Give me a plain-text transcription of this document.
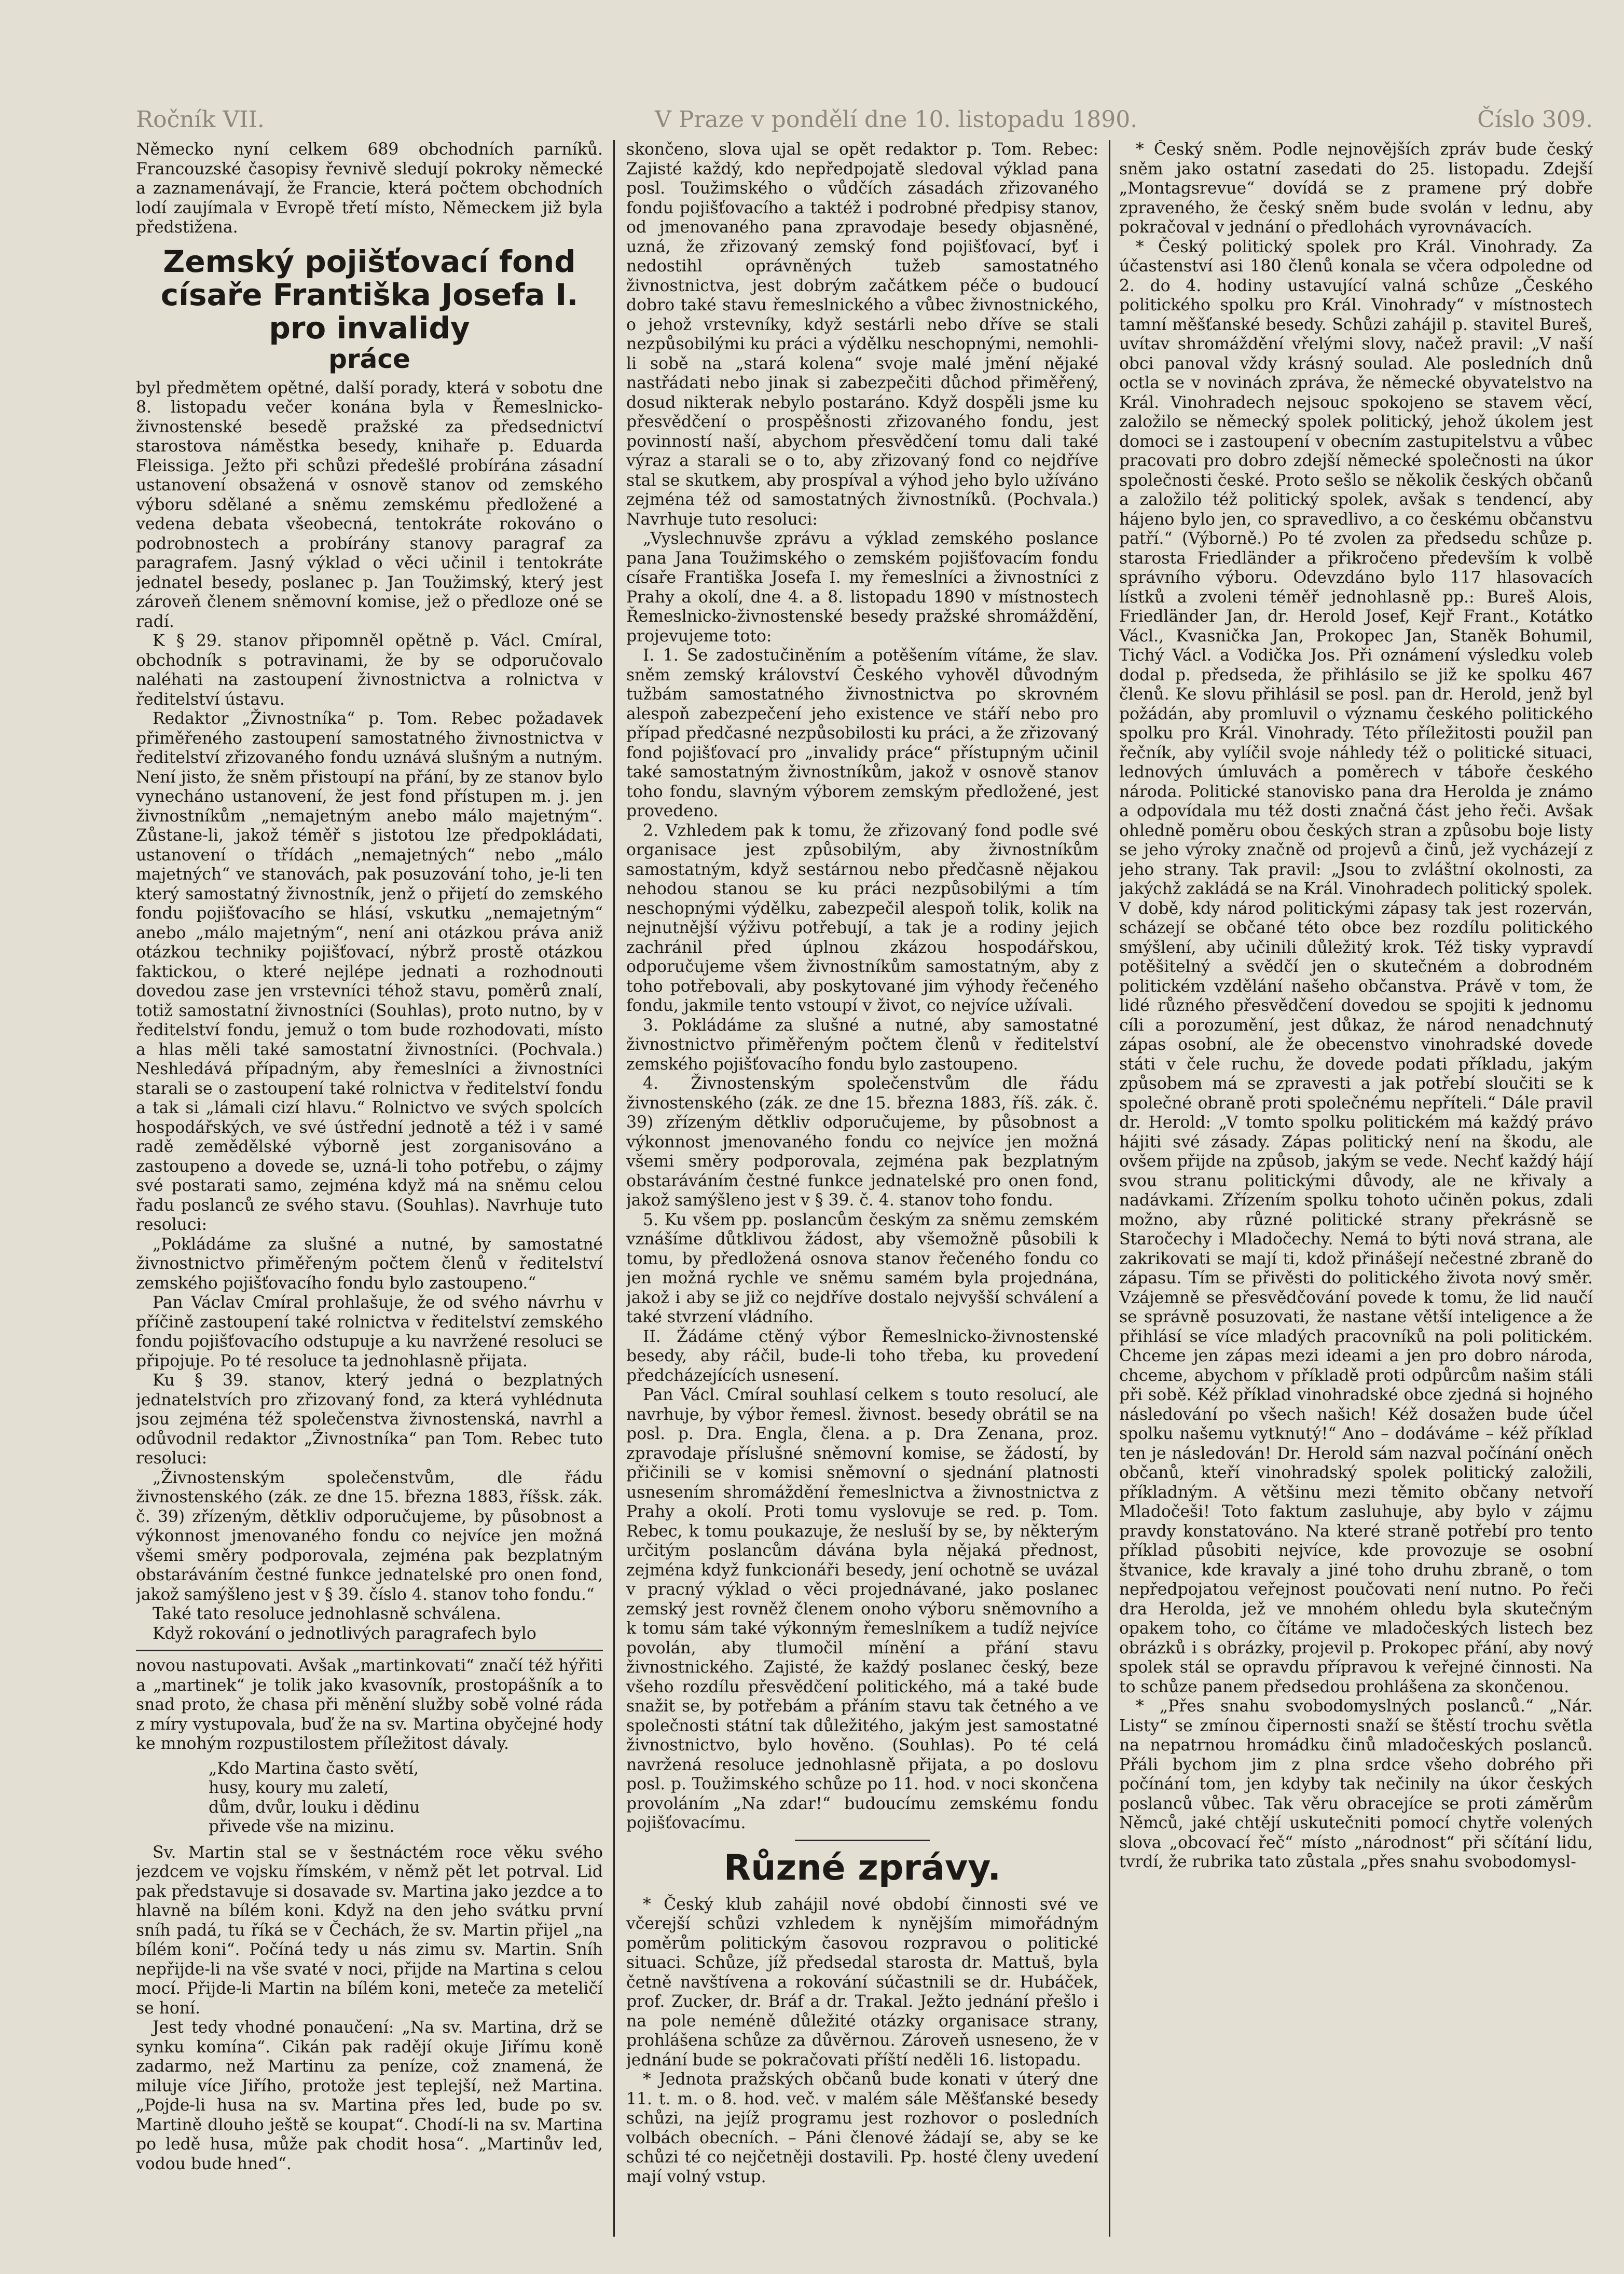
Ročník VII.	V Praze v pondělí dne 10. listopadu 1890.	Číslo 309.

Německo nyní celkem 689 obchodních parníků. Francouzské časopisy řevnivě sledují pokroky německé a zaznamenávají, že Francie, která počtem obchodních lodí zaujímala v Evropě třetí místo, Německem již byla předstižena.

Zemský pojišťovací fond císaře Františka Josefa I. pro invalidy
práce

byl předmětem opětné, další porady, která v sobotu dne 8. listopadu večer konána byla v Řemeslnicko-živnostenské besedě pražské za předsednictví starostova náměstka besedy, knihaře p. Eduarda Fleissiga. Ježto při schůzi předešlé probírána zásadní ustanovení obsažená v osnově stanov od zemského výboru sdělané a sněmu zemskému předložené a vedena debata všeobecná, tentokráte rokováno o podrobnostech a probírány stanovy paragraf za paragrafem. Jasný výklad o věci učinil i tentokráte jednatel besedy, poslanec p. Jan Toužimský, který jest zároveň členem sněmovní komise, jež o předloze oné se radí.

K § 29. stanov připomněl opětně p. Václ. Cmíral, obchodník s potravinami, že by se odporučovalo naléhati na zastoupení živnostnictva a rolnictva v ředitelství ústavu.

Redaktor „Živnostníka“ p. Tom. Rebec požadavek přiměřeného zastoupení samostatného živnostnictva v ředitelství zřizovaného fondu uznává slušným a nutným. Není jisto, že sněm přistoupí na přání, by ze stanov bylo vynecháno ustanovení, že jest fond přístupen m. j. jen živnostníkům „nemajetným anebo málo majetným“. Zůstane-li, jakož téměř s jistotou lze předpokládati, ustanovení o třídách „nemajetných“ nebo „málo majetných“ ve stanovách, pak posuzování toho, je-li ten který samostatný živnostník, jenž o přijetí do zemského fondu pojišťovacího se hlásí, vskutku „nemajetným“ anebo „málo majetným“, není ani otázkou práva aniž otázkou techniky pojišťovací, nýbrž prostě otázkou faktickou, o které nejlépe jednati a rozhodnouti dovedou zase jen vrstevníci téhož stavu, poměrů znalí, totiž samostatní živnostníci (Souhlas), proto nutno, by v ředitelství fondu, jemuž o tom bude rozhodovati, místo a hlas měli také samostatní živnostníci. (Pochvala.) Neshledává případným, aby řemeslníci a živnostníci starali se o zastoupení také rolnictva v ředitelství fondu a tak si „lámali cizí hlavu.“ Rolnictvo ve svých spolcích hospodářských, ve své ústřední jednotě a též i v samé radě zemědělské výborně jest zorganisováno a zastoupeno a dovede se, uzná-li toho potřebu, o zájmy své postarati samo, zejména když má na sněmu celou řadu poslanců ze svého stavu. (Souhlas). Navrhuje tuto resoluci:

„Pokládáme za slušné a nutné, by samostatné živnostnictvo přiměřeným počtem členů v ředitelství zemského pojišťovacího fondu bylo zastoupeno.“

Pan Václav Cmíral prohlašuje, že od svého návrhu v příčině zastoupení také rolnictva v ředitelství zemského fondu pojišťovacího odstupuje a ku navržené resoluci se připojuje. Po té resoluce ta jednohlasně přijata.

Ku § 39. stanov, který jedná o bezplatných jednatelstvích pro zřizovaný fond, za která vyhlédnuta jsou zejména též společenstva živnostenská, navrhl a odůvodnil redaktor „Živnostníka“ pan Tom. Rebec tuto resoluci:

„Živnostenským společenstvům, dle řádu živnostenského (zák. ze dne 15. března 1883, říšsk. zák. č. 39) zřízeným, dětkliv odporučujeme, by působnost a výkonnost jmenovaného fondu co nejvíce jen možná všemi směry podporovala, zejména pak bezplatným obstaráváním čestné funkce jednatelské pro onen fond, jakož samýšleno jest v § 39. číslo 4. stanov toho fondu.“

Také tato resoluce jednohlasně schválena.

Když rokování o jednotlivých paragrafech bylo

novou nastupovati. Avšak „martinkovati“ značí též hýřiti a „martinek“ je tolik jako kvasovník, prostopášník a to snad proto, že chasa při měnění služby sobě volné ráda z míry vystupovala, buď že na sv. Martina obyčejné hody ke mnohým rozpustilostem příležitost dávaly.

„Kdo Martina často světí,
husy, koury mu zaletí,
dům, dvůr, louku i dědinu
přivede vše na mizinu.

Sv. Martin stal se v šestnáctém roce věku svého jezdcem ve vojsku římském, v němž pět let potrval. Lid pak představuje si dosavade sv. Martina jako jezdce a to hlavně na bílém koni. Když na den jeho svátku první sníh padá, tu říká se v Čechách, že sv. Martin přijel „na bílém koni“. Počíná tedy u nás zimu sv. Martin. Sníh nepřijde-li na vše svaté v noci, přijde na Martina s celou mocí. Přijde-li Martin na bílém koni, meteče za meteličí se honí.

Jest tedy vhodné ponaučení: „Na sv. Martina, drž se synku komína“. Cikán pak radějí okuje Jiřímu koně zadarmo, než Martinu za peníze, což znamená, že miluje více Jiřího, protože jest teplejší, než Martina. „Pojde-li husa na sv. Martina přes led, bude po sv. Martině dlouho ještě se koupat“. Chodí-li na sv. Martina po ledě husa, může pak chodit hosa“. „Martinův led, vodou bude hned“.

skončeno, slova ujal se opět redaktor p. Tom. Rebec: Zajisté každý, kdo nepředpojatě sledoval výklad pana posl. Toužimského o vůdčích zásadách zřizovaného fondu pojišťovacího a taktéž i podrobné předpisy stanov, od jmenovaného pana zpravodaje besedy objasněné, uzná, že zřizovaný zemský fond pojišťovací, byť i nedostihl oprávněných tužeb samostatného živnostnictva, jest dobrým začátkem péče o budoucí dobro také stavu řemeslnického a vůbec živnostnického, o jehož vrstevníky, když sestárli nebo dříve se stali nezpůsobilými ku práci a výdělku neschopnými, nemohli-li sobě na „stará kolena“ svoje malé jmění nějaké nastřádati nebo jinak si zabezpečiti důchod přiměřený, dosud nikterak nebylo postaráno. Když dospěli jsme ku přesvědčení o prospěšnosti zřizovaného fondu, jest povinností naší, abychom přesvědčení tomu dali také výraz a starali se o to, aby zřizovaný fond co nejdříve stal se skutkem, aby prospíval a výhod jeho bylo užíváno zejména též od samostatných živnostníků. (Pochvala.) Navrhuje tuto resoluci:

„Vyslechnuvše zprávu a výklad zemského poslance pana Jana Toužimského o zemském pojišťovacím fondu císaře Františka Josefa I. my řemeslníci a živnostníci z Prahy a okolí, dne 4. a 8. listopadu 1890 v místnostech Řemeslnicko-živnostenské besedy pražské shromáždění, projevujeme toto:

I. 1. Se zadostučiněním a potěšením vítáme, že slav. sněm zemský království Českého vyhověl důvodným tužbám samostatného živnostnictva po skrovném alespoň zabezpečení jeho existence ve stáří nebo pro případ předčasné nezpůsobilosti ku práci, a že zřizovaný fond pojišťovací pro „invalidy práce“ přístupným učinil také samostatným živnostníkům, jakož v osnově stanov toho fondu, slavným výborem zemským předložené, jest provedeno.

2. Vzhledem pak k tomu, že zřizovaný fond podle své organisace jest způsobilým, aby živnostníkům samostatným, když sestárnou nebo předčasně nějakou nehodou stanou se ku práci nezpůsobilými a tím neschopnými výdělku, zabezpečil alespoň tolik, kolik na nejnutnější výživu potřebují, a tak je a rodiny jejich zachránil před úplnou zkázou hospodářskou, odporučujeme všem živnostníkům samostatným, aby z toho potřebovali, aby poskytované jim výhody řečeného fondu, jakmile tento vstoupí v život, co nejvíce užívali.

3. Pokládáme za slušné a nutné, aby samostatné živnostnictvo přiměřeným počtem členů v ředitelství zemského pojišťovacího fondu bylo zastoupeno.

4. Živnostenským společenstvům dle řádu živnostenského (zák. ze dne 15. března 1883, říš. zák. č. 39) zřízeným dětkliv odporučujeme, by působnost a výkonnost jmenovaného fondu co nejvíce jen možná všemi směry podporovala, zejména pak bezplatným obstaráváním čestné funkce jednatelské pro onen fond, jakož samýšleno jest v § 39. č. 4. stanov toho fondu.

5. Ku všem pp. poslancům českým za sněmu zemském vznášíme důtklivou žádost, aby všemožně působili k tomu, by předložená osnova stanov řečeného fondu co jen možná rychle ve sněmu samém byla projednána, jakož i aby se již co nejdříve dostalo nejvyšší schválení a také stvrzení vládního.

II. Žádáme ctěný výbor Řemeslnicko-živnostenské besedy, aby ráčil, bude-li toho třeba, ku provedení předcházejících usnesení.

Pan Václ. Cmíral souhlasí celkem s touto resolucí, ale navrhuje, by výbor řemesl. živnost. besedy obrátil se na posl. p. Dra. Engla, člena. a p. Dra Zenana, proz. zpravodaje příslušné sněmovní komise, se žádostí, by přičinili se v komisi sněmovní o sjednání platnosti usnesením shromáždění řemeslnictva a živnostnictva z Prahy a okolí. Proti tomu vyslovuje se red. p. Tom. Rebec, k tomu poukazuje, že nesluší by se, by některým určitým poslancům dávána byla nějaká přednost, zejména když funkcionáři besedy, jení ochotně se uvázal v pracný výklad o věci projednávané, jako poslanec zemský jest rovněž členem onoho výboru sněmovního a k tomu sám také výkonným řemeslníkem a tudíž nejvíce povolán, aby tlumočil mínění a přání stavu živnostnického. Zajisté, že každý poslanec český, beze všeho rozdílu přesvědčení politického, má a také bude snažit se, by potřebám a přáním stavu tak četného a ve společnosti státní tak důležitého, jakým jest samostatné živnostnictvo, bylo hověno. (Souhlas). Po té celá navržená resoluce jednohlasně přijata, a po doslovu posl. p. Toužimského schůze po 11. hod. v noci skončena provoláním „Na zdar!“ budoucímu zemskému fondu pojišťovacímu.

Různé zprávy.

* Český klub zahájil nové období činnosti své ve včerejší schůzi vzhledem k nynějším mimořádným poměrům politickým časovou rozpravou o politické situaci. Schůze, jíž předsedal starosta dr. Mattuš, byla četně navštívena a rokování súčastnili se dr. Hubáček, prof. Zucker, dr. Bráf a dr. Trakal. Ježto jednání přešlo i na pole neméně důležité otázky organisace strany, prohlášena schůze za důvěrnou. Zároveň usneseno, že v jednání bude se pokračovati příští neděli 16. listopadu.

* Jednota pražských občanů bude konati v úterý dne 11. t. m. o 8. hod. več. v malém sále Měšťanské besedy schůzi, na jejíž programu jest rozhovor o posledních volbách obecních. – Páni členové žádají se, aby se ke schůzi té co nejčetněji dostavili. Pp. hosté členy uvedení mají volný vstup.

* Český sněm. Podle nejnovějších zpráv bude český sněm jako ostatní zasedati do 25. listopadu. Zdejší „Montagsrevue“ dovídá se z pramene prý dobře zpraveného, že český sněm bude svolán v lednu, aby pokračoval v jednání o předlohách vyrovnávacích.

* Český politický spolek pro Král. Vinohrady. Za účastenství asi 180 členů konala se včera odpoledne od 2. do 4. hodiny ustavující valná schůze „Českého politického spolku pro Král. Vinohrady“ v místnostech tamní měšťanské besedy. Schůzi zahájil p. stavitel Bureš, uvítav shromáždění vřelými slovy, načež pravil: „V naší obci panoval vždy krásný soulad. Ale posledních dnů octla se v novinách zpráva, že německé obyvatelstvo na Král. Vinohradech nejsouc spokojeno se stavem věcí, založilo se německý spolek politický, jehož úkolem jest domoci se i zastoupení v obecním zastupitelstvu a vůbec pracovati pro dobro zdejší německé společnosti na úkor společnosti české. Proto sešlo se několik českých občanů a založilo též politický spolek, avšak s tendencí, aby hájeno bylo jen, co spravedlivo, a co českému občanstvu patří.“ (Výborně.) Po té zvolen za předsedu schůze p. starosta Friedländer a přikročeno především k volbě správního výboru. Odevzdáno bylo 117 hlasovacích lístků a zvoleni téměř jednohlasně pp.: Bureš Alois, Friedländer Jan, dr. Herold Josef, Kejř Frant., Kotátko Václ., Kvasnička Jan, Prokopec Jan, Staněk Bohumil, Tichý Václ. a Vodička Jos. Při oznámení výsledku voleb dodal p. předseda, že přihlásilo se již ke spolku 467 členů. Ke slovu přihlásil se posl. pan dr. Herold, jenž byl požádán, aby promluvil o významu českého politického spolku pro Král. Vinohrady. Této příležitosti použil pan řečník, aby vylíčil svoje náhledy též o politické situaci, lednových úmluvách a poměrech v táboře českého národa. Politické stanovisko pana dra Herolda je známo a odpovídala mu též dosti značná část jeho řeči. Avšak ohledně poměru obou českých stran a způsobu boje listy se jeho výroky značně od projevů a činů, jež vycházejí z jeho strany. Tak pravil: „Jsou to zvláštní okolnosti, za jakýchž zakládá se na Král. Vinohradech politický spolek. V době, kdy národ politickými zápasy tak jest rozerván, scházejí se občané této obce bez rozdílu politického smýšlení, aby učinili důležitý krok. Též tisky vypravdí potěšitelný a svědčí jen o skutečném a dobrodném politickém vzdělání našeho občanstva. Právě v tom, že lidé různého přesvědčení dovedou se spojiti k jednomu cíli a porozumění, jest důkaz, že národ nenadchnutý zápas osobní, ale že obecenstvo vinohradské dovede státi v čele ruchu, že dovede podati příkladu, jakým způsobem má se zpravesti a jak potřebí sloučiti se k společné obraně proti společnému nepříteli.“ Dále pravil dr. Herold: „V tomto spolku politickém má každý právo hájiti své zásady. Zápas politický není na škodu, ale ovšem přijde na způsob, jakým se vede. Nechť každý hájí svou stranu politickými důvody, ale ne křivaly a nadávkami. Zřízením spolku tohoto učiněn pokus, zdali možno, aby různé politické strany překrásně se Staročechy i Mladočechy. Nemá to býti nová strana, ale zakrikovati se mají ti, kdož přinášejí nečestné zbraně do zápasu. Tím se přivěsti do politického života nový směr. Vzájemně se přesvědčování povede k tomu, že lid naučí se správně posuzovati, že nastane větší inteligence a že přihlásí se více mladých pracovníků na poli politickém. Chceme jen zápas mezi ideami a jen pro dobro národa, chceme, abychom v příkladě proti odpůrcům našim stáli při sobě. Kéž příklad vinohradské obce zjedná si hojného následování po všech našich! Kéž dosažen bude účel spolku našemu vytknutý!“ Ano – dodáváme – kéž příklad ten je následován! Dr. Herold sám nazval počínání oněch občanů, kteří vinohradský spolek politický založili, příkladným. A většinu mezi těmito občany netvoří Mladočeši! Toto faktum zasluhuje, aby bylo v zájmu pravdy konstatováno. Na které straně potřebí pro tento příklad působiti nejvíce, kde provozuje se osobní štvanice, kde kravaly a jiné toho druhu zbraně, o tom nepředpojatou veřejnost poučovati není nutno. Po řeči dra Herolda, jež ve mnohém ohledu byla skutečným opakem toho, co čítáme ve mladočeských listech bez obrázků i s obrázky, projevil p. Prokopec přání, aby nový spolek stál se opravdu přípravou k veřejné činnosti. Na to schůze panem předsedou prohlášena za skončenou.

* „Přes snahu svobodomyslných poslanců.“ „Nár. Listy“ se zmínou čipernosti snaží se štěstí trochu světla na nepatrnou hromádku činů mladočeských poslanců. Přáli bychom jim z plna srdce všeho dobrého při počínání tom, jen kdyby tak nečinily na úkor českých poslanců vůbec. Tak věru obracejíce se proti záměrům Němců, jaké chtějí uskutečniti pomocí chytře volených slova „obcovací řeč“ místo „národnost“ při sčítání lidu, tvrdí, že rubrika tato zůstala „přes snahu svobodomysl-
